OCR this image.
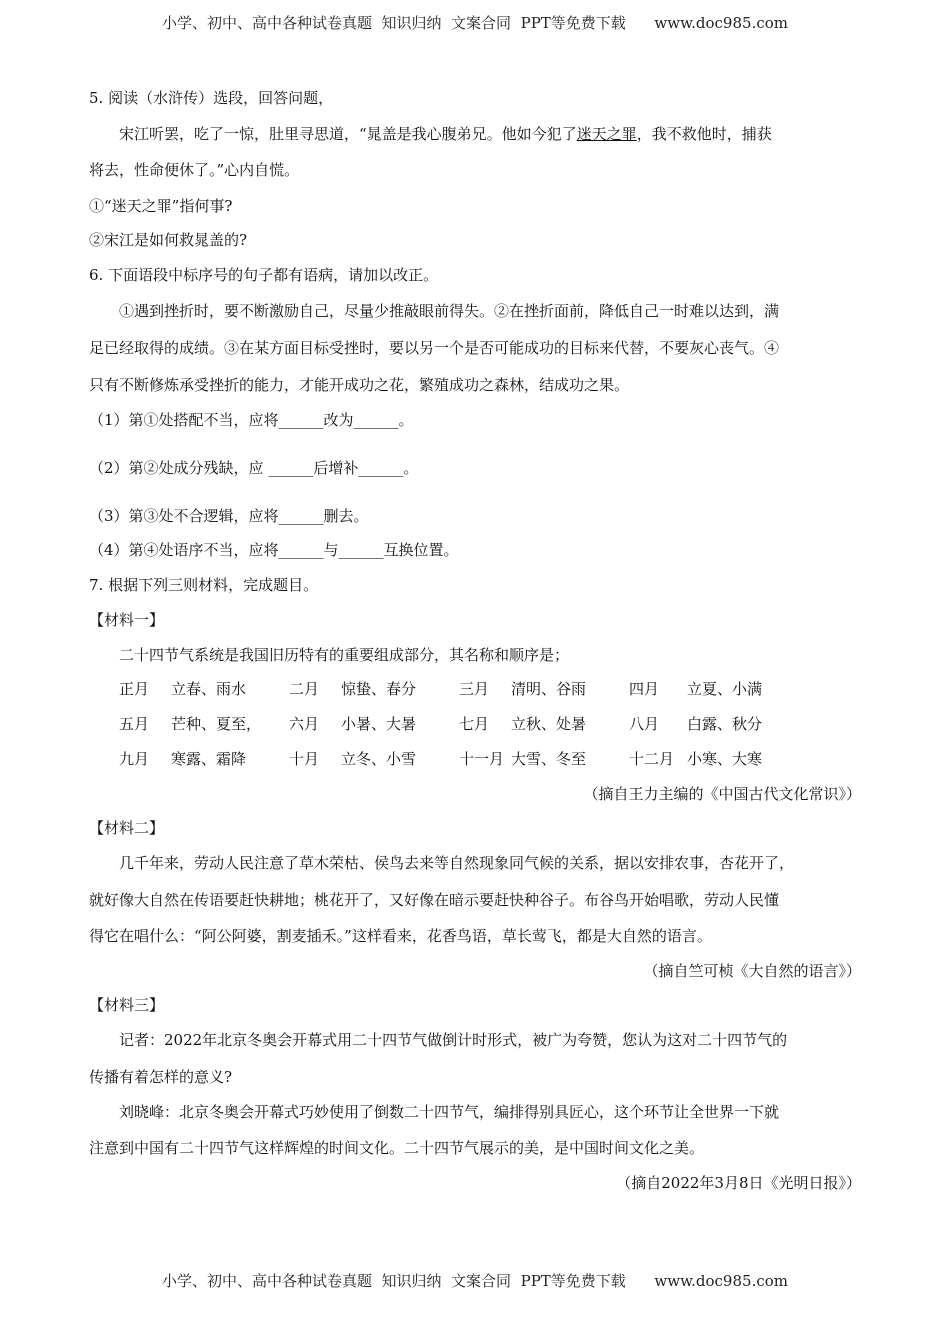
小学、初中、高中各种试卷真题  知识归纳  文案合同  PPT等免费下载      www.doc985.com
5. 阅读（水浒传）选段，回答问题，
宋江听罢，吃了一惊，肚里寻思道，“晁盖是我心腹弟兄。他如今犯了迷天之罪，我不救他时，捕获
将去，性命便休了。”心内自慌。
①“迷天之罪”指何事?
②宋江是如何救晁盖的?
6. 下面语段中标序号的句子都有语病，请加以改正。
①遇到挫折时，要不断激励自己，尽量少推敲眼前得失。②在挫折面前，降低自己一时难以达到，满
足已经取得的成绩。③在某方面目标受挫时，要以另一个是否可能成功的目标来代替，不要灰心丧气。④
只有不断修炼承受挫折的能力，才能开成功之花，繁殖成功之森林，结成功之果。
（1）第①处搭配不当，应将______改为______。
（2）第②处成分残缺，应 ______后增补______。
（3）第③处不合逻辑，应将______删去。
（4）第④处语序不当，应将______与______互换位置。
7. 根据下列三则材料，完成题目。
【材料一】
二十四节气系统是我国旧历特有的重要组成部分，其名称和顺序是；
正月	立春、雨水	二月	惊蛰、春分	三月	清明、谷雨	四月	立夏、小满
五月	芒种、夏至，	六月	小暑、大暑	七月	立秋、处暑	八月	白露、秋分
九月	寒露、霜降	十月	立冬、小雪	十一月 大雪、冬至	十二月 小寒、大寒
（摘自王力主编的《中国古代文化常识》）
【材料二】
几千年来，劳动人民注意了草木荣枯、侯鸟去来等自然现象同气候的关系，据以安排农事，杏花开了，
就好像大自然在传语要赶快耕地；桃花开了，又好像在暗示要赶快种谷子。布谷鸟开始唱歌，劳动人民懂
得它在唱什么：“阿公阿婆，割麦插禾。”这样看来，花香鸟语，草长莺飞，都是大自然的语言。
（摘自竺可桢《大自然的语言》）
【材料三】
记者：2022年北京冬奥会开幕式用二十四节气做倒计时形式，被广为夸赞，您认为这对二十四节气的
传播有着怎样的意义?
刘晓峰：北京冬奥会开幕式巧妙使用了倒数二十四节气，编排得别具匠心，这个环节让全世界一下就
注意到中国有二十四节气这样辉煌的时间文化。二十四节气展示的美，是中国时间文化之美。
（摘自2022年3月8日《光明日报》）
小学、初中、高中各种试卷真题  知识归纳  文案合同  PPT等免费下载      www.doc985.com
